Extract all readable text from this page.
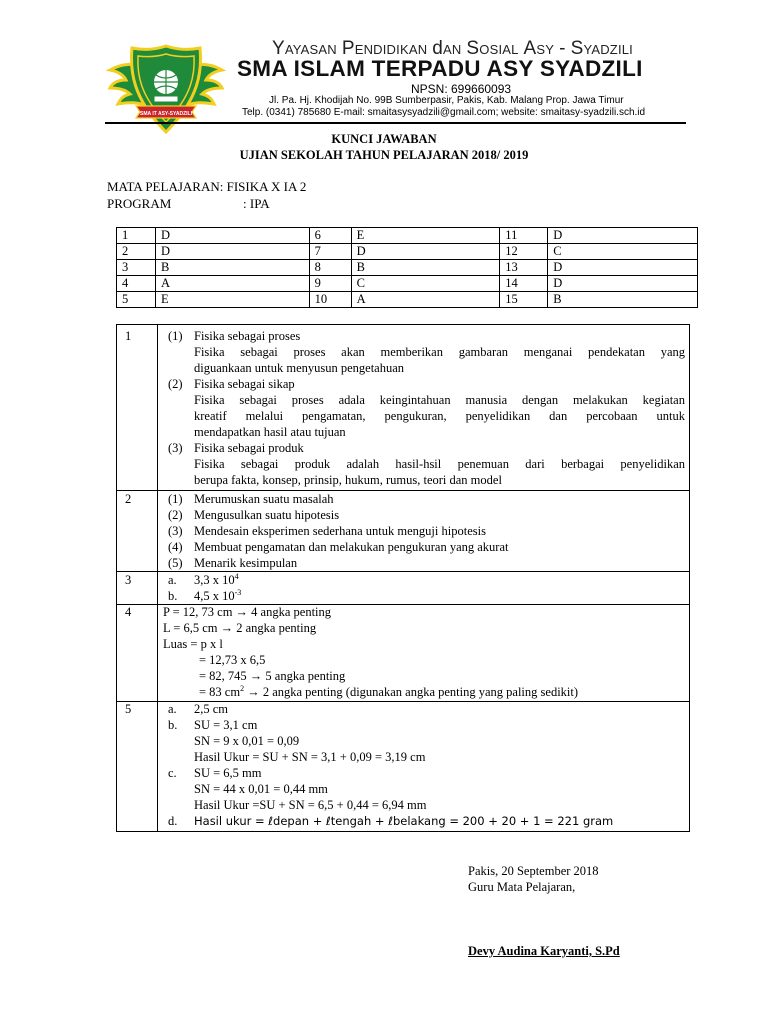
SMA IT ASY-SYADZILI
YAYASAN PENDIDIKAN dAN SOSIAL ASY - SYADZILI
SMA ISLAM TERPADU ASY SYADZILI
NPSN: 699660093
Jl. Pa. Hj. Khodijah No. 99B Sumberpasir, Pakis, Kab. Malang Prop. Jawa Timur
Telp. (0341) 785680 E-mail: smaitasysyadzili@gmail.com; website: smaitasy-syadzili.sch.id
KUNCI JAWABAN
UJIAN SEKOLAH TAHUN PELAJARAN 2018/ 2019
MATA PELAJARAN: FISIKA X IA 2
PROGRAM	: IPA
1	D	6	E	11	D
2	D	7	D	12	C
3	B	8	B	13	D
4	A	9	C	14	D
5	E	10	A	15	B
1	(1) Fisika sebagai proses
Fisika sebagai proses akan memberikan gambaran menganai pendekatan yang
diguankaan untuk menyusun pengetahuan
(2) Fisika sebagai sikap
Fisika sebagai proses adala keingintahuan manusia dengan melakukan kegiatan
kreatif melalui pengamatan, pengukuran, penyelidikan dan percobaan untuk
mendapatkan hasil atau tujuan
(3) Fisika sebagai produk
Fisika sebagai produk adalah hasil-hsil penemuan dari berbagai penyelidikan
berupa fakta, konsep, prinsip, hukum, rumus, teori dan model
2	(1) Merumuskan suatu masalah
(2) Mengusulkan suatu hipotesis
(3) Mendesain eksperimen sederhana untuk menguji hipotesis
(4) Membuat pengamatan dan melakukan pengukuran yang akurat
(5) Menarik kesimpulan
3	a. 3,3 x $10^4$
b. 4,5 x $10^{-3}$
4	P = 12, 73 cm → 4 angka penting
L = 6,5 cm → 2 angka penting
Luas = p x l
= 12,73 x 6,5
= 82, 745 → 5 angka penting
= 83 $cm^2 \to 2$ angka penting (digunakan angka penting yang paling sedikit)
5	a. 2,5 cm
b. SU = 3,1 cm
SN = 9 x 0,01 = 0,09
Hasil Ukur = SU + SN = 3,1 + 0,09 = 3,19 cm
c. SU = 6,5 mm
SN = 44 x 0,01 = 0,44 mm
Hasil Ukur =SU + SN = 6,5 + 0,44 = 6,94 mm
d. Hasil ukur = ℓdepan + ℓtengah + ℓbelakang = 200 + 20 + 1 = 221 gram
Pakis, 20 September 2018
Guru Mata Pelajaran,
Devy Audina Karyanti, S.Pd
